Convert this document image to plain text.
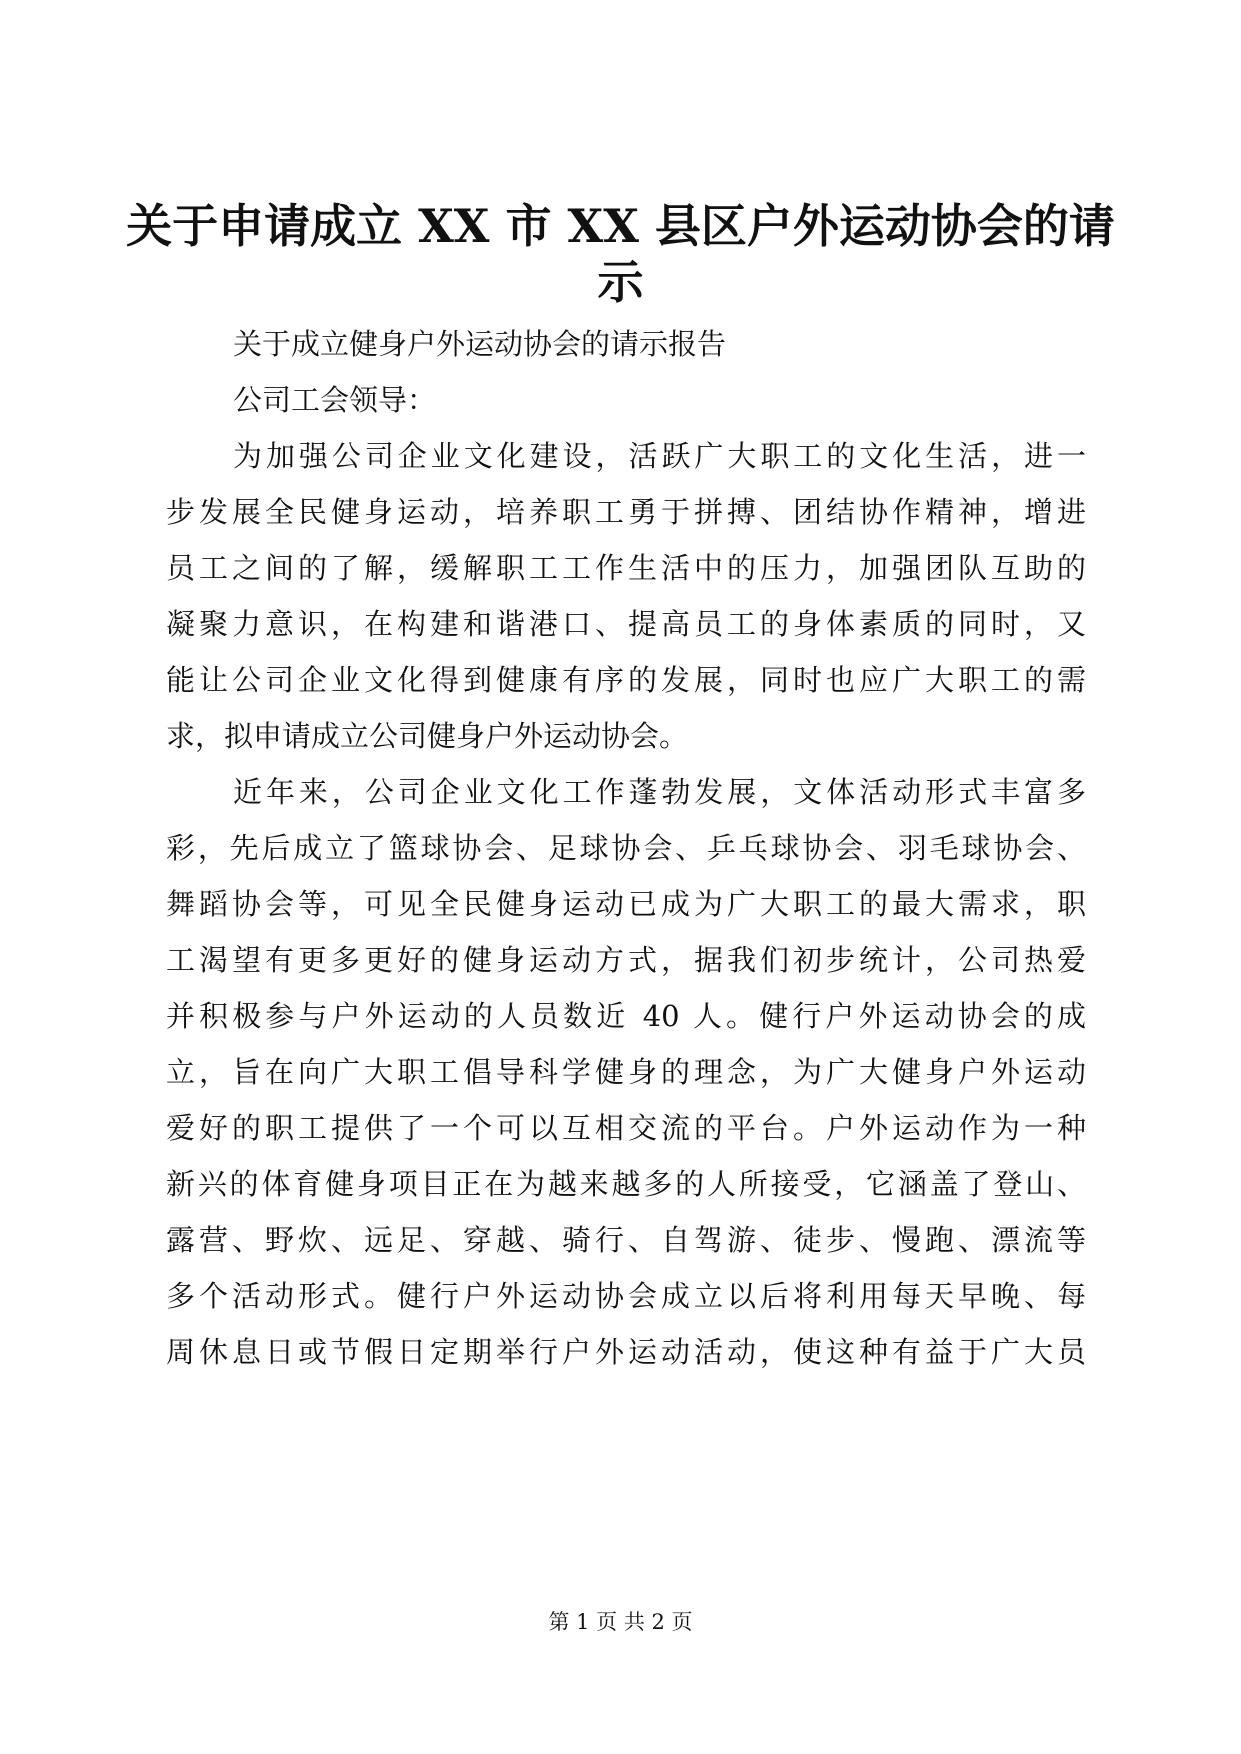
关于申请成立 XX 市 XX 县区户外运动协会的请
示
关于成立健身户外运动协会的请示报告
公司工会领导：
为加强公司企业文化建设，活跃广大职工的文化生活，进一
步发展全民健身运动，培养职工勇于拼搏、团结协作精神，增进
员工之间的了解，缓解职工工作生活中的压力，加强团队互助的
凝聚力意识，在构建和谐港口、提高员工的身体素质的同时，又
能让公司企业文化得到健康有序的发展，同时也应广大职工的需
求，拟申请成立公司健身户外运动协会。
近年来，公司企业文化工作蓬勃发展，文体活动形式丰富多
彩，先后成立了篮球协会、足球协会、乒乓球协会、羽毛球协会、
舞蹈协会等，可见全民健身运动已成为广大职工的最大需求，职
工渴望有更多更好的健身运动方式，据我们初步统计，公司热爱
并积极参与户外运动的人员数近 40 人。健行户外运动协会的成
立，旨在向广大职工倡导科学健身的理念，为广大健身户外运动
爱好的职工提供了一个可以互相交流的平台。户外运动作为一种
新兴的体育健身项目正在为越来越多的人所接受，它涵盖了登山、
露营、野炊、远足、穿越、骑行、自驾游、徒步、慢跑、漂流等
多个活动形式。健行户外运动协会成立以后将利用每天早晚、每
周休息日或节假日定期举行户外运动活动，使这种有益于广大员
第 1 页 共 2 页
